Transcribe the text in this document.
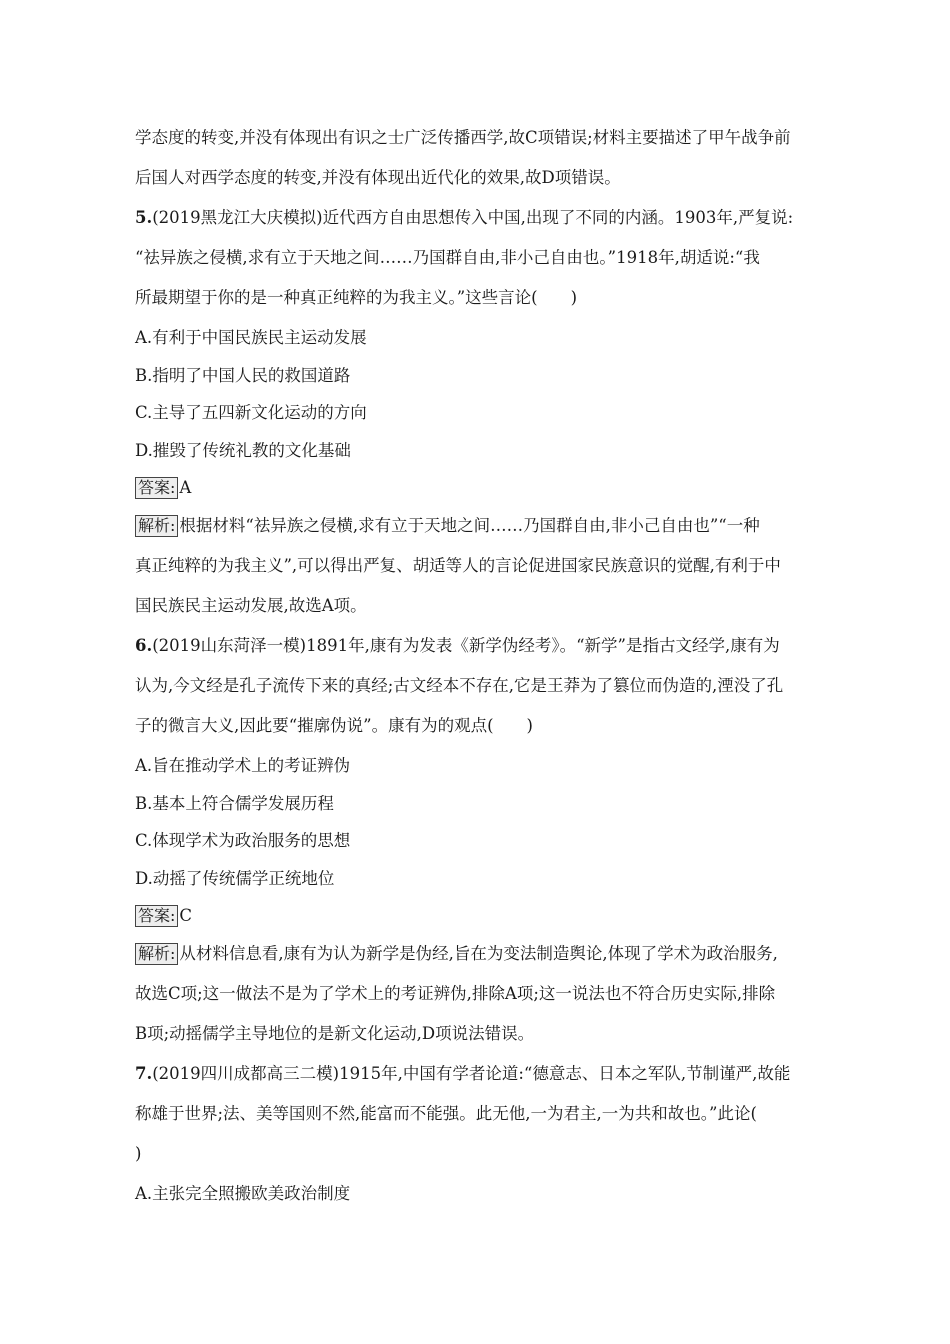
学态度的转变,并没有体现出有识之士广泛传播西学,故C项错误;材料主要描述了甲午战争前
后国人对西学态度的转变,并没有体现出近代化的效果,故D项错误。
5.(2019黑龙江大庆模拟)近代西方自由思想传入中国,出现了不同的内涵。1903年,严复说:
“祛异族之侵横,求有立于天地之间……乃国群自由,非小己自由也。”1918年,胡适说:“我
所最期望于你的是一种真正纯粹的为我主义。”这些言论(　　)
A.有利于中国民族民主运动发展
B.指明了中国人民的救国道路
C.主导了五四新文化运动的方向
D.摧毁了传统礼教的文化基础
答案: A
解析: 根据材料“祛异族之侵横,求有立于天地之间……乃国群自由,非小己自由也”“一种
真正纯粹的为我主义”,可以得出严复、胡适等人的言论促进国家民族意识的觉醒,有利于中
国民族民主运动发展,故选A项。
6.(2019山东菏泽一模)1891年,康有为发表《新学伪经考》。“新学”是指古文经学,康有为
认为,今文经是孔子流传下来的真经;古文经本不存在,它是王莽为了篡位而伪造的,湮没了孔
子的微言大义,因此要“摧廓伪说”。康有为的观点(　　)
A.旨在推动学术上的考证辨伪
B.基本上符合儒学发展历程
C.体现学术为政治服务的思想
D.动摇了传统儒学正统地位
答案: C
解析: 从材料信息看,康有为认为新学是伪经,旨在为变法制造舆论,体现了学术为政治服务,
故选C项;这一做法不是为了学术上的考证辨伪,排除A项;这一说法也不符合历史实际,排除
B项;动摇儒学主导地位的是新文化运动,D项说法错误。
7.(2019四川成都高三二模)1915年,中国有学者论道:“德意志、日本之军队,节制谨严,故能
称雄于世界;法、美等国则不然,能富而不能强。此无他,一为君主,一为共和故也。”此论(
)
A.主张完全照搬欧美政治制度
